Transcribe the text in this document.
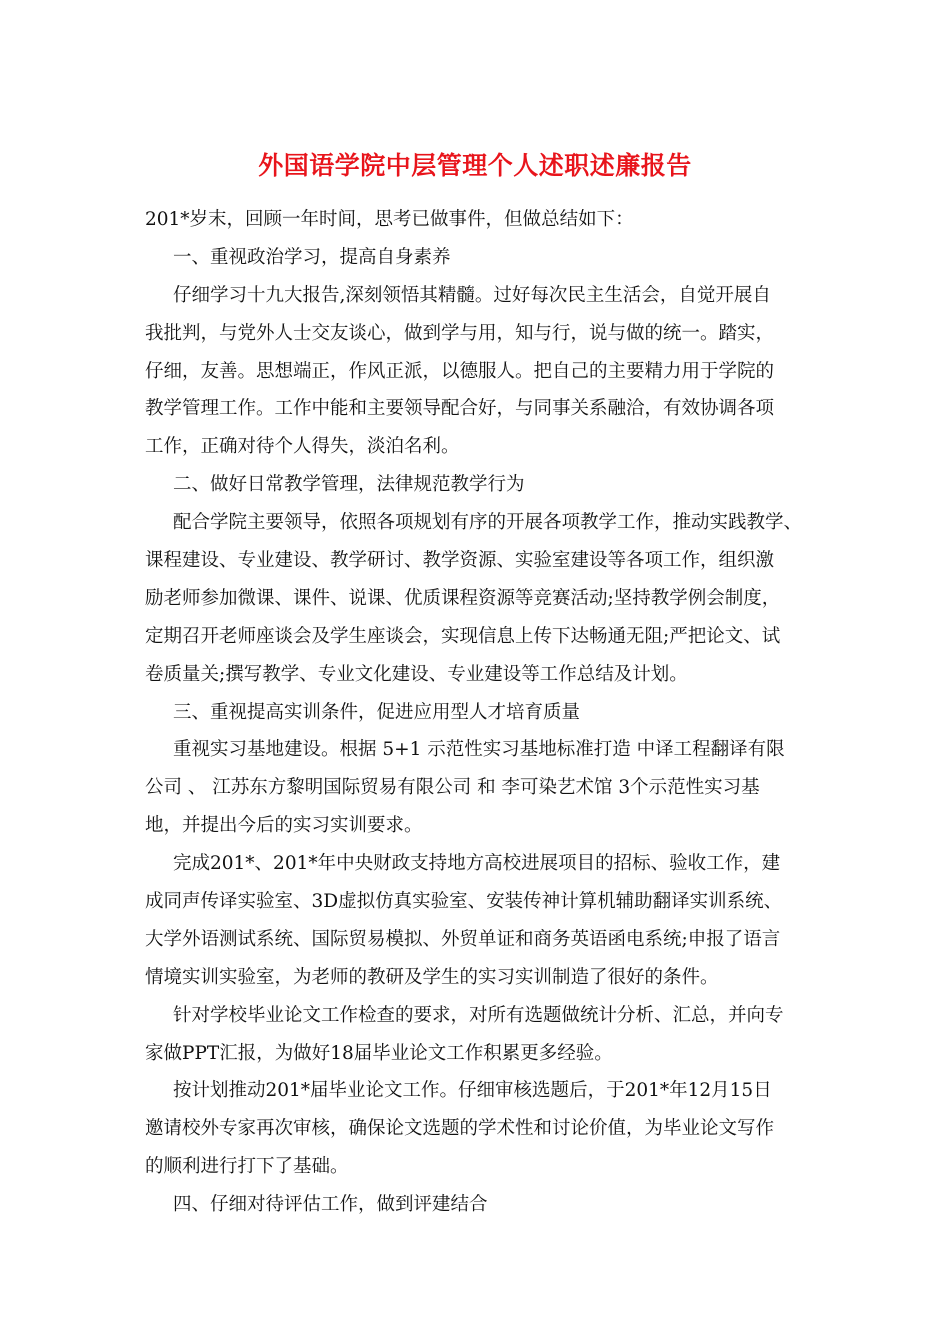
外国语学院中层管理个人述职述廉报告
201*岁末，回顾一年时间，思考已做事件，但做总结如下：
一、重视政治学习，提高自身素养
仔细学习十九大报告,深刻领悟其精髓。过好每次民主生活会，自觉开展自
我批判，与党外人士交友谈心，做到学与用，知与行，说与做的统一。踏实，
仔细，友善。思想端正，作风正派，以德服人。把自己的主要精力用于学院的
教学管理工作。工作中能和主要领导配合好，与同事关系融洽，有效协调各项
工作，正确对待个人得失，淡泊名利。
二、做好日常教学管理，法律规范教学行为
配合学院主要领导，依照各项规划有序的开展各项教学工作，推动实践教学、
课程建设、专业建设、教学研讨、教学资源、实验室建设等各项工作，组织激
励老师参加微课、课件、说课、优质课程资源等竞赛活动;坚持教学例会制度，
定期召开老师座谈会及学生座谈会，实现信息上传下达畅通无阻;严把论文、试
卷质量关;撰写教学、专业文化建设、专业建设等工作总结及计划。
三、重视提高实训条件，促进应用型人才培育质量
重视实习基地建设。根据 5+1 示范性实习基地标准打造 中译工程翻译有限
公司 、 江苏东方黎明国际贸易有限公司 和 李可染艺术馆 3个示范性实习基
地，并提出今后的实习实训要求。
完成201*、201*年中央财政支持地方高校进展项目的招标、验收工作，建
成同声传译实验室、3D虚拟仿真实验室、安装传神计算机辅助翻译实训系统、
大学外语测试系统、国际贸易模拟、外贸单证和商务英语函电系统;申报了语言
情境实训实验室，为老师的教研及学生的实习实训制造了很好的条件。
针对学校毕业论文工作检查的要求，对所有选题做统计分析、汇总，并向专
家做PPT汇报，为做好18届毕业论文工作积累更多经验。
按计划推动201*届毕业论文工作。仔细审核选题后，于201*年12月15日
邀请校外专家再次审核，确保论文选题的学术性和讨论价值，为毕业论文写作
的顺利进行打下了基础。
四、仔细对待评估工作，做到评建结合
